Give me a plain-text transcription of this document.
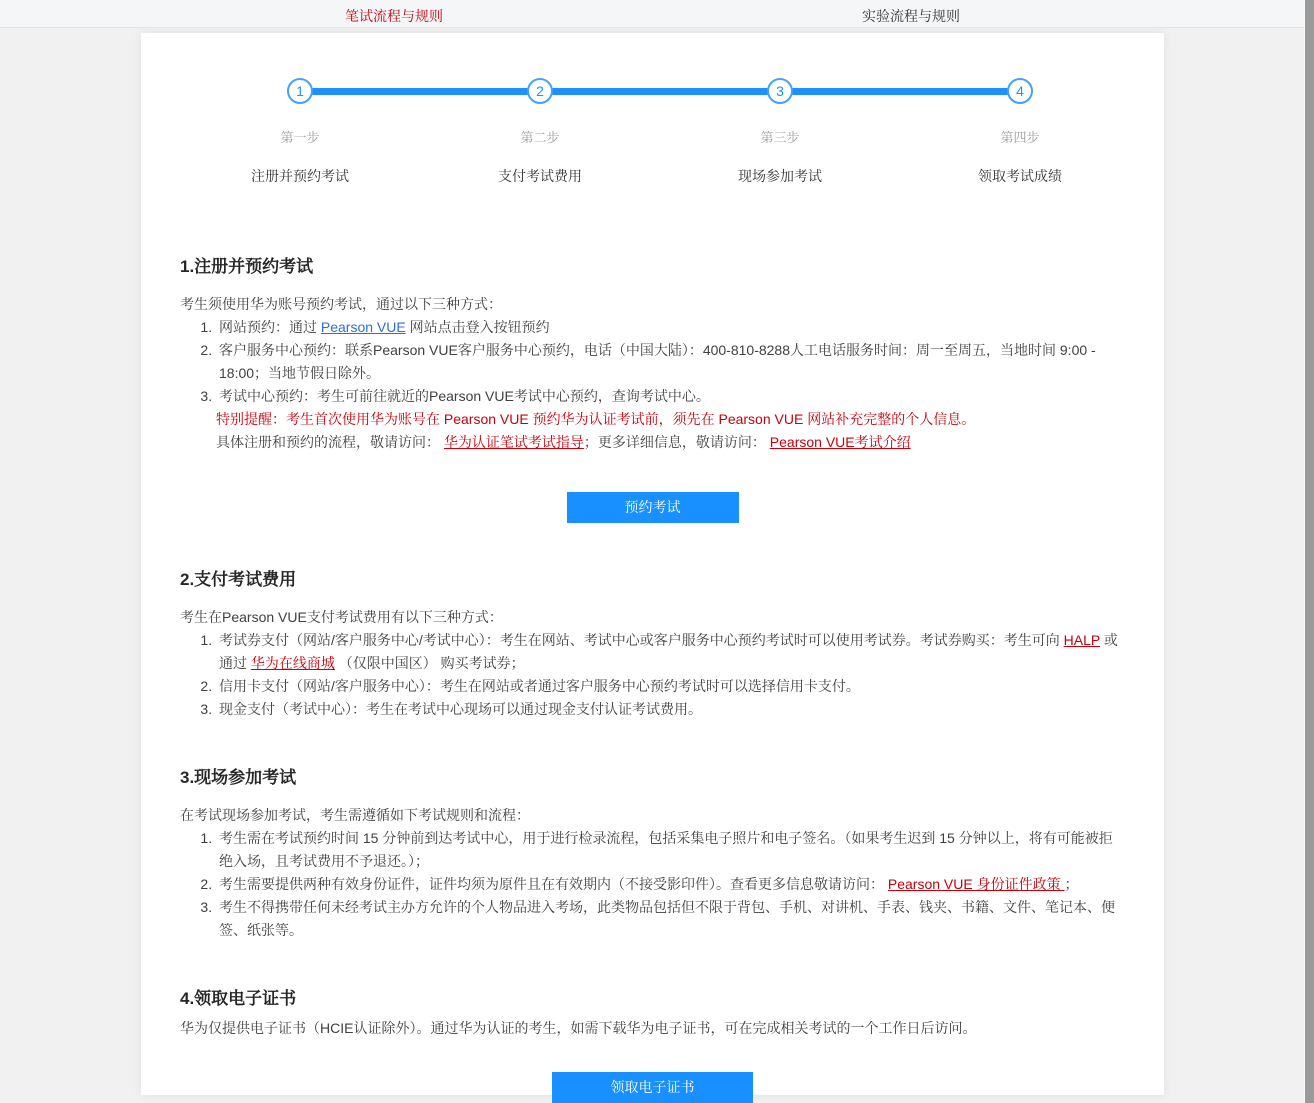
笔试流程与规则	实验流程与规则
1
第一步
注册并预约考试
2
第二步
支付考试费用
3
第三步
现场参加考试
4
第四步
领取考试成绩
1.注册并预约考试

考生须使用华为账号预约考试，通过以下三种方式：

1. 网站预约：通过 Pearson VUE 网站点击登入按钮预约
2. 客户服务中心预约：联系Pearson VUE客户服务中心预约，电话（中国大陆）：400-810-8288人工电话服务时间：周一至周五，当地时间 9:00 - 18:00；当地节假日除外。
3. 考试中心预约：考生可前往就近的Pearson VUE考试中心预约，查询考试中心。
特别提醒：考生首次使用华为账号在 Pearson VUE 预约华为认证考试前，须先在 Pearson VUE 网站补充完整的个人信息。
具体注册和预约的流程，敬请访问： 华为认证笔试考试指导；更多详细信息，敬请访问： Pearson VUE考试介绍
预约考试
2.支付考试费用

考生在Pearson VUE支付考试费用有以下三种方式：

1. 考试券支付（网站/客户服务中心/考试中心）：考生在网站、考试中心或客户服务中心预约考试时可以使用考试券。考试券购买：考生可向 HALP 或通过 华为在线商城 （仅限中国区） 购买考试券；
2. 信用卡支付（网站/客户服务中心）：考生在网站或者通过客户服务中心预约考试时可以选择信用卡支付。
3. 现金支付（考试中心）：考生在考试中心现场可以通过现金支付认证考试费用。
3.现场参加考试

在考试现场参加考试，考生需遵循如下考试规则和流程：

1. 考生需在考试预约时间 15 分钟前到达考试中心，用于进行检录流程，包括采集电子照片和电子签名。（如果考生迟到 15 分钟以上，将有可能被拒绝入场，且考试费用不予退还。）；
2. 考生需要提供两种有效身份证件，证件均须为原件且在有效期内（不接受影印件）。查看更多信息敬请访问： Pearson VUE 身份证件政策 ；
3. 考生不得携带任何未经考试主办方允许的个人物品进入考场，此类物品包括但不限于背包、手机、对讲机、手表、钱夹、书籍、文件、笔记本、便签、纸张等。
4.领取电子证书

华为仅提供电子证书（HCIE认证除外）。通过华为认证的考生，如需下载华为电子证书，可在完成相关考试的一个工作日后访问。

领取电子证书
